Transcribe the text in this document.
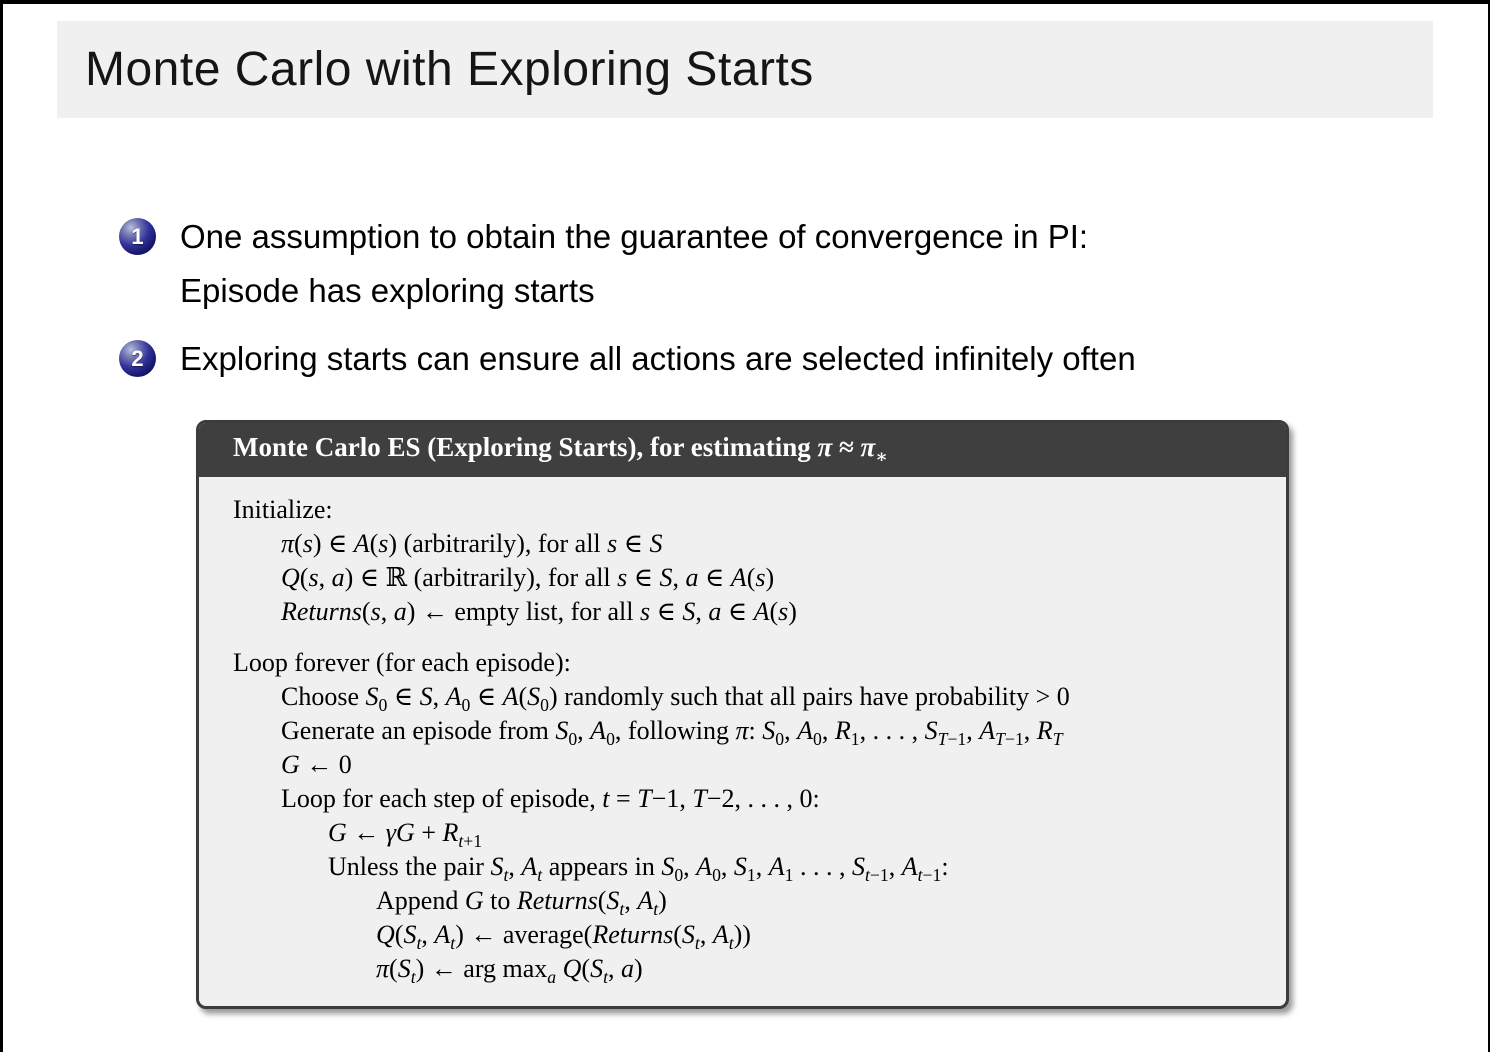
Monte Carlo with Exploring Starts
1	One assumption to obtain the guarantee of convergence in PI:
Episode has exploring starts
2	Exploring starts can ensure all actions are selected infinitely often
Monte Carlo ES (Exploring Starts), for estimating $\pi \approx \pi_∗$
Initialize:
π(s) ∈ A(s) (arbitrarily), for all s ∈ S
Q(s, a) ∈ ℝ (arbitrarily), for all s ∈ S, a ∈ A(s)
Returns(s, a) ← empty list, for all s ∈ S, a ∈ A(s)
Loop forever (for each episode):
Choose $S_0$ ∈ S, $A_0$ ∈ $A(S_0)$ randomly such that all pairs have probability > 0
Generate an episode from $S_0$, $A_0$, following π: $S_0$, $A_0$, $R_1$, . . . , $S_{T-1}$, $A_{T-1}$, $R_T$
G ← 0
Loop for each step of episode, t = T−1, T−2, . . . , 0:
G ← $\gamma G + R_{t+1}$
Unless the pair $S_t$, $A_t$ appears in $S_0$, $A_0$, $S_1$, $A_1$ . . . , $S_{t-1}$, $A_{t-1}$:
Append G to $Returns(S_t$, $A_t$)
$Q(S_t$, $A_t$) ← $average(Returns(S_t$, $A_t$))
$\pi(S_t)$ ← arg $\max_a Q(S_t$, a)
